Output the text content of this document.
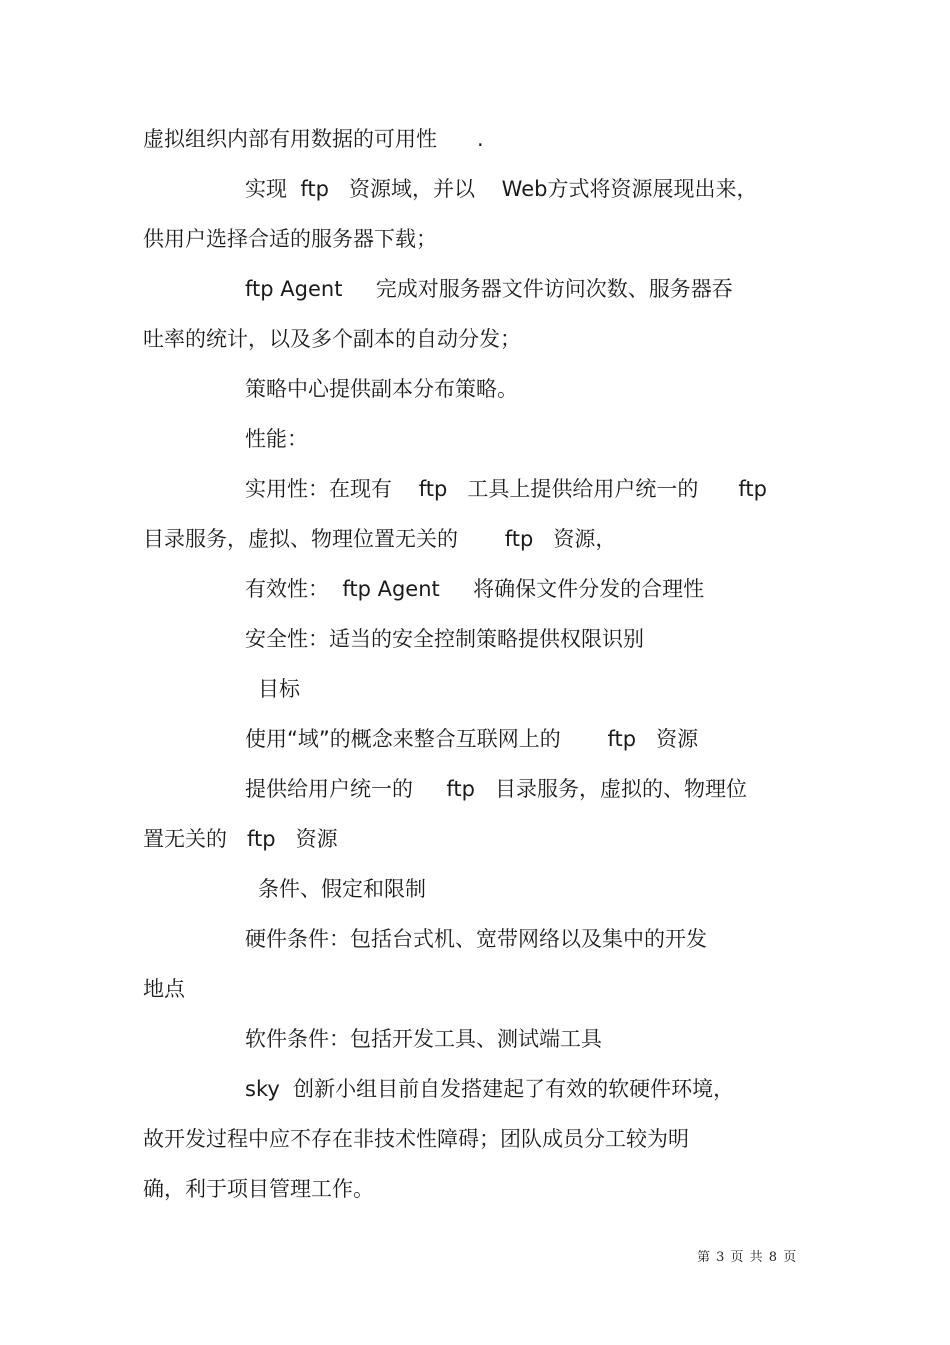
虚拟组织内部有用数据的可用性      .
实现  ftp   资源域，并以    Web方式将资源展现出来，
供用户选择合适的服务器下载；
ftp Agent     完成对服务器文件访问次数、服务器吞
吐率的统计，以及多个副本的自动分发；
策略中心提供副本分布策略。
性能：
实用性：在现有    ftp   工具上提供给用户统一的      ftp
目录服务，虚拟、物理位置无关的       ftp   资源，
有效性：  ftp Agent     将确保文件分发的合理性
安全性：适当的安全控制策略提供权限识别
目标
使用“域”的概念来整合互联网上的       ftp   资源
提供给用户统一的     ftp   目录服务，虚拟的、物理位
置无关的   ftp   资源
条件、假定和限制
硬件条件：包括台式机、宽带网络以及集中的开发
地点
软件条件：包括开发工具、测试端工具
sky  创新小组目前自发搭建起了有效的软硬件环境，
故开发过程中应不存在非技术性障碍；团队成员分工较为明
确，利于项目管理工作。
第 3 页 共 8 页
